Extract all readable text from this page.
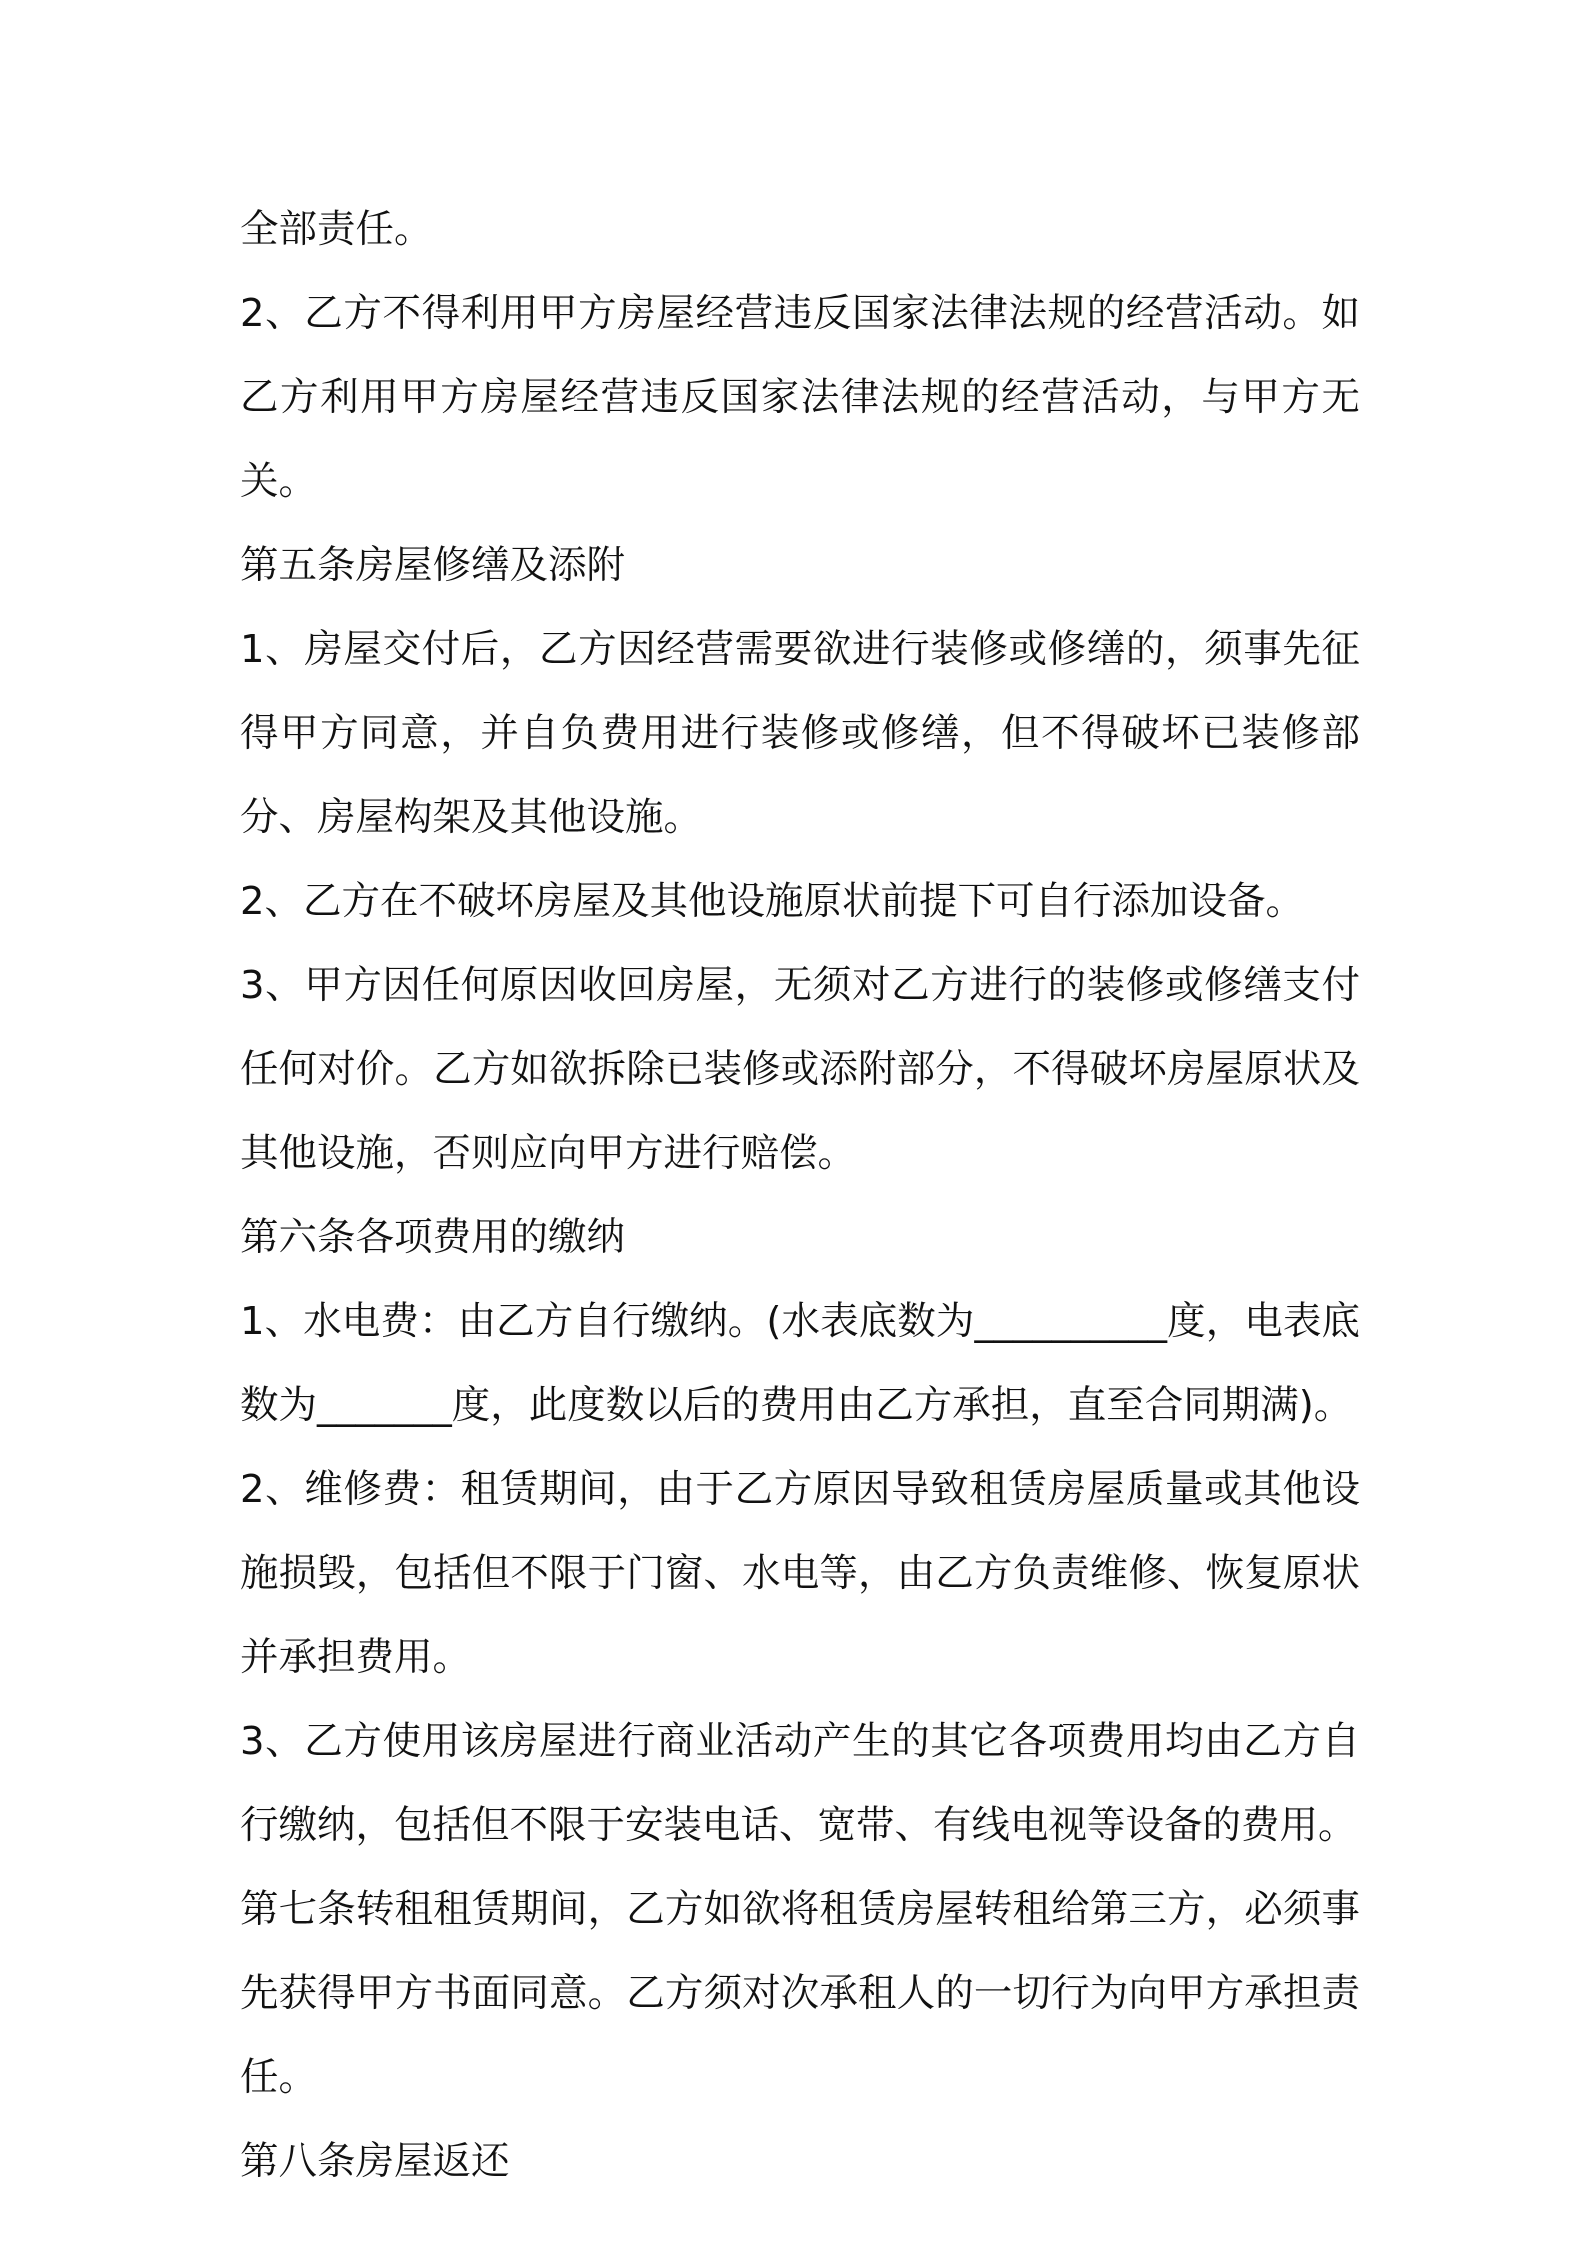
全部责任。

2、乙方不得利用甲方房屋经营违反国家法律法规的经营活动。如乙方利用甲方房屋经营违反国家法律法规的经营活动，与甲方无关。

第五条房屋修缮及添附

1、房屋交付后，乙方因经营需要欲进行装修或修缮的，须事先征得甲方同意，并自负费用进行装修或修缮，但不得破坏已装修部分、房屋构架及其他设施。

2、乙方在不破坏房屋及其他设施原状前提下可自行添加设备。

3、甲方因任何原因收回房屋，无须对乙方进行的装修或修缮支付任何对价。乙方如欲拆除已装修或添附部分，不得破坏房屋原状及其他设施，否则应向甲方进行赔偿。

第六条各项费用的缴纳

1、水电费：由乙方自行缴纳。(水表底数为__________度，电表底数为_______度，此度数以后的费用由乙方承担，直至合同期满)。

2、维修费：租赁期间，由于乙方原因导致租赁房屋质量或其他设施损毁，包括但不限于门窗、水电等，由乙方负责维修、恢复原状并承担费用。

3、乙方使用该房屋进行商业活动产生的其它各项费用均由乙方自行缴纳，包括但不限于安装电话、宽带、有线电视等设备的费用。

第七条转租租赁期间，乙方如欲将租赁房屋转租给第三方，必须事先获得甲方书面同意。乙方须对次承租人的一切行为向甲方承担责任。

第八条房屋返还
